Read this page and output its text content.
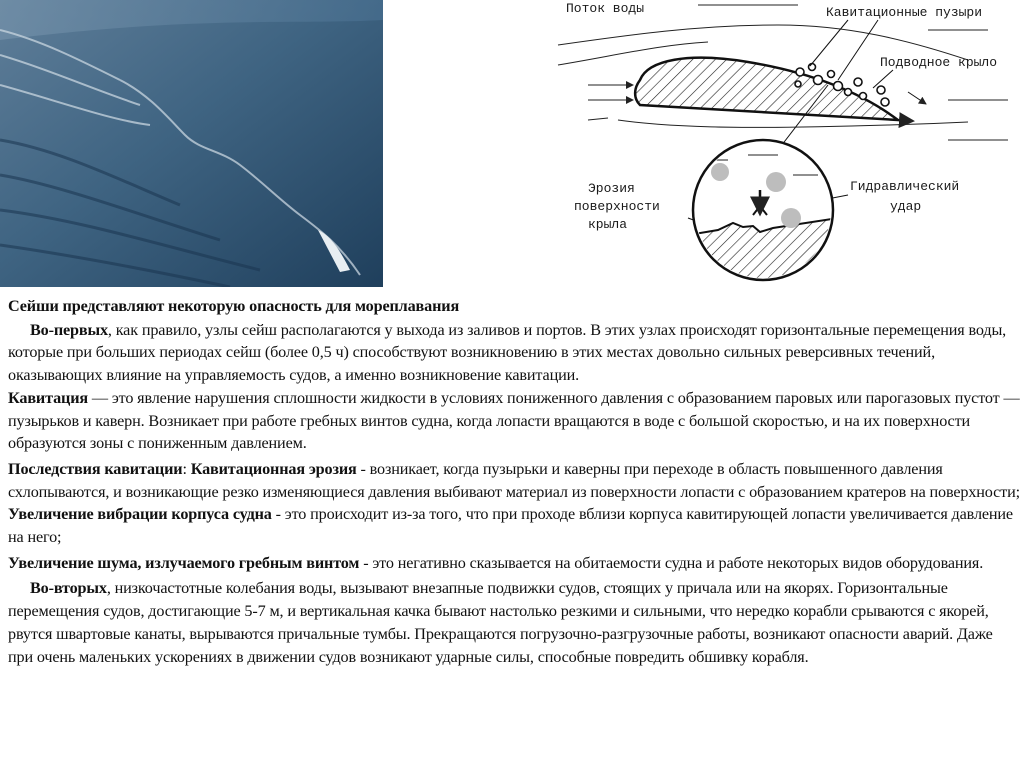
Поток воды	Кавитационные пузыри
Подводное крыло
Эрозия
поверхности
крыла
Гидравлический
удар

Сейши представляют некоторую опасность для мореплавания

Во-первых, как правило, узлы сейш располагаются у выхода из заливов и портов. В этих узлах происходят горизонтальные перемещения воды, которые при больших периодах сейш (более 0,5 ч) способствуют возникновению в этих местах довольно сильных реверсивных течений, оказывающих влияние на управляемость судов, а именно возникновение кавитации.

Кавитация — это явление нарушения сплошности жидкости в условиях пониженного давления с образованием паровых или парогазовых пустот — пузырьков и каверн. Возникает при работе гребных винтов судна, когда лопасти вращаются в воде с большой скоростью, и на их поверхности образуются зоны с пониженным давлением.

Последствия кавитации: Кавитационная эрозия - возникает, когда пузырьки и каверны при переходе в область повышенного давления схлопываются, и возникающие резко изменяющиеся давления выбивают материал из поверхности лопасти с образованием кратеров на поверхности; Увеличение вибрации корпуса судна - это происходит из-за того, что при проходе вблизи корпуса кавитирующей лопасти увеличивается давление на него;

Увеличение шума, излучаемого гребным винтом - это негативно сказывается на обитаемости судна и работе некоторых видов оборудования.

Во-вторых, низкочастотные колебания воды, вызывают внезапные подвижки судов, стоящих у причала или на якорях. Горизонтальные перемещения судов, достигающие 5-7 м, и вертикальная качка бывают настолько резкими и сильными, что нередко корабли срываются с якорей, рвутся швартовые канаты, вырываются причальные тумбы. Прекращаются погрузочно-разгрузочные работы, возникают опасности аварий. Даже при очень маленьких ускорениях в движении судов возникают ударные силы, способные повредить обшивку корабля.
